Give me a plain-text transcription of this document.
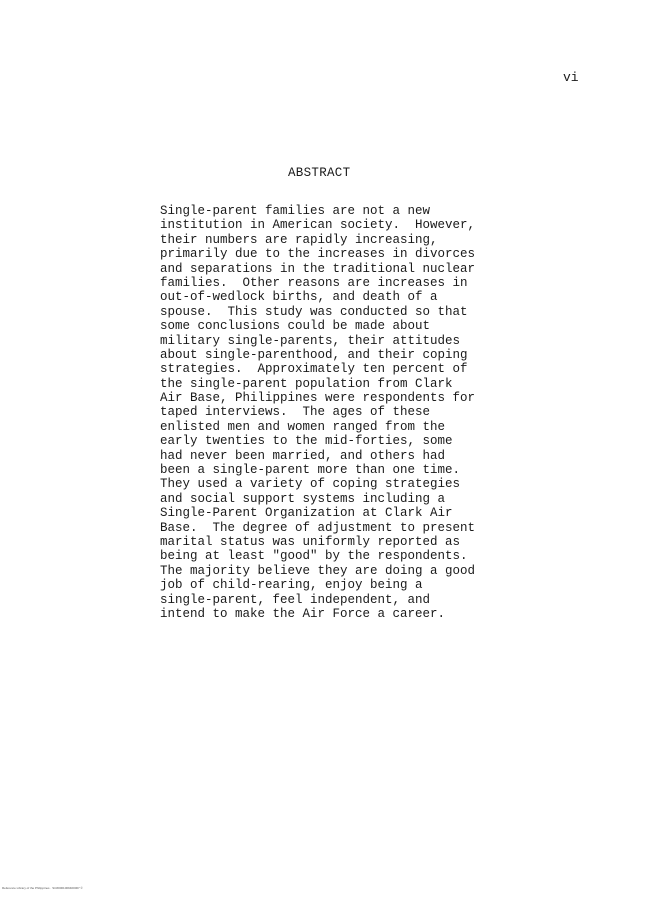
vi
ABSTRACT
Single-parent families are not a new
institution in American society.  However,
their numbers are rapidly increasing,
primarily due to the increases in divorces
and separations in the traditional nuclear
families.  Other reasons are increases in
out-of-wedlock births, and death of a
spouse.  This study was conducted so that
some conclusions could be made about
military single-parents, their attitudes
about single-parenthood, and their coping
strategies.  Approximately ten percent of
the single-parent population from Clark
Air Base, Philippines were respondents for
taped interviews.  The ages of these
enlisted men and women ranged from the
early twenties to the mid-forties, some
had never been married, and others had
been a single-parent more than one time.
They used a variety of coping strategies
and social support systems including a
Single-Parent Organization at Clark Air
Base.  The degree of adjustment to present
marital status was uniformly reported as
being at least "good" by the respondents.
The majority believe they are doing a good
job of child-rearing, enjoy being a
single-parent, feel independent, and
intend to make the Air Force a career.
Reference Library of the Philippines · SC#0001009400007 ©
